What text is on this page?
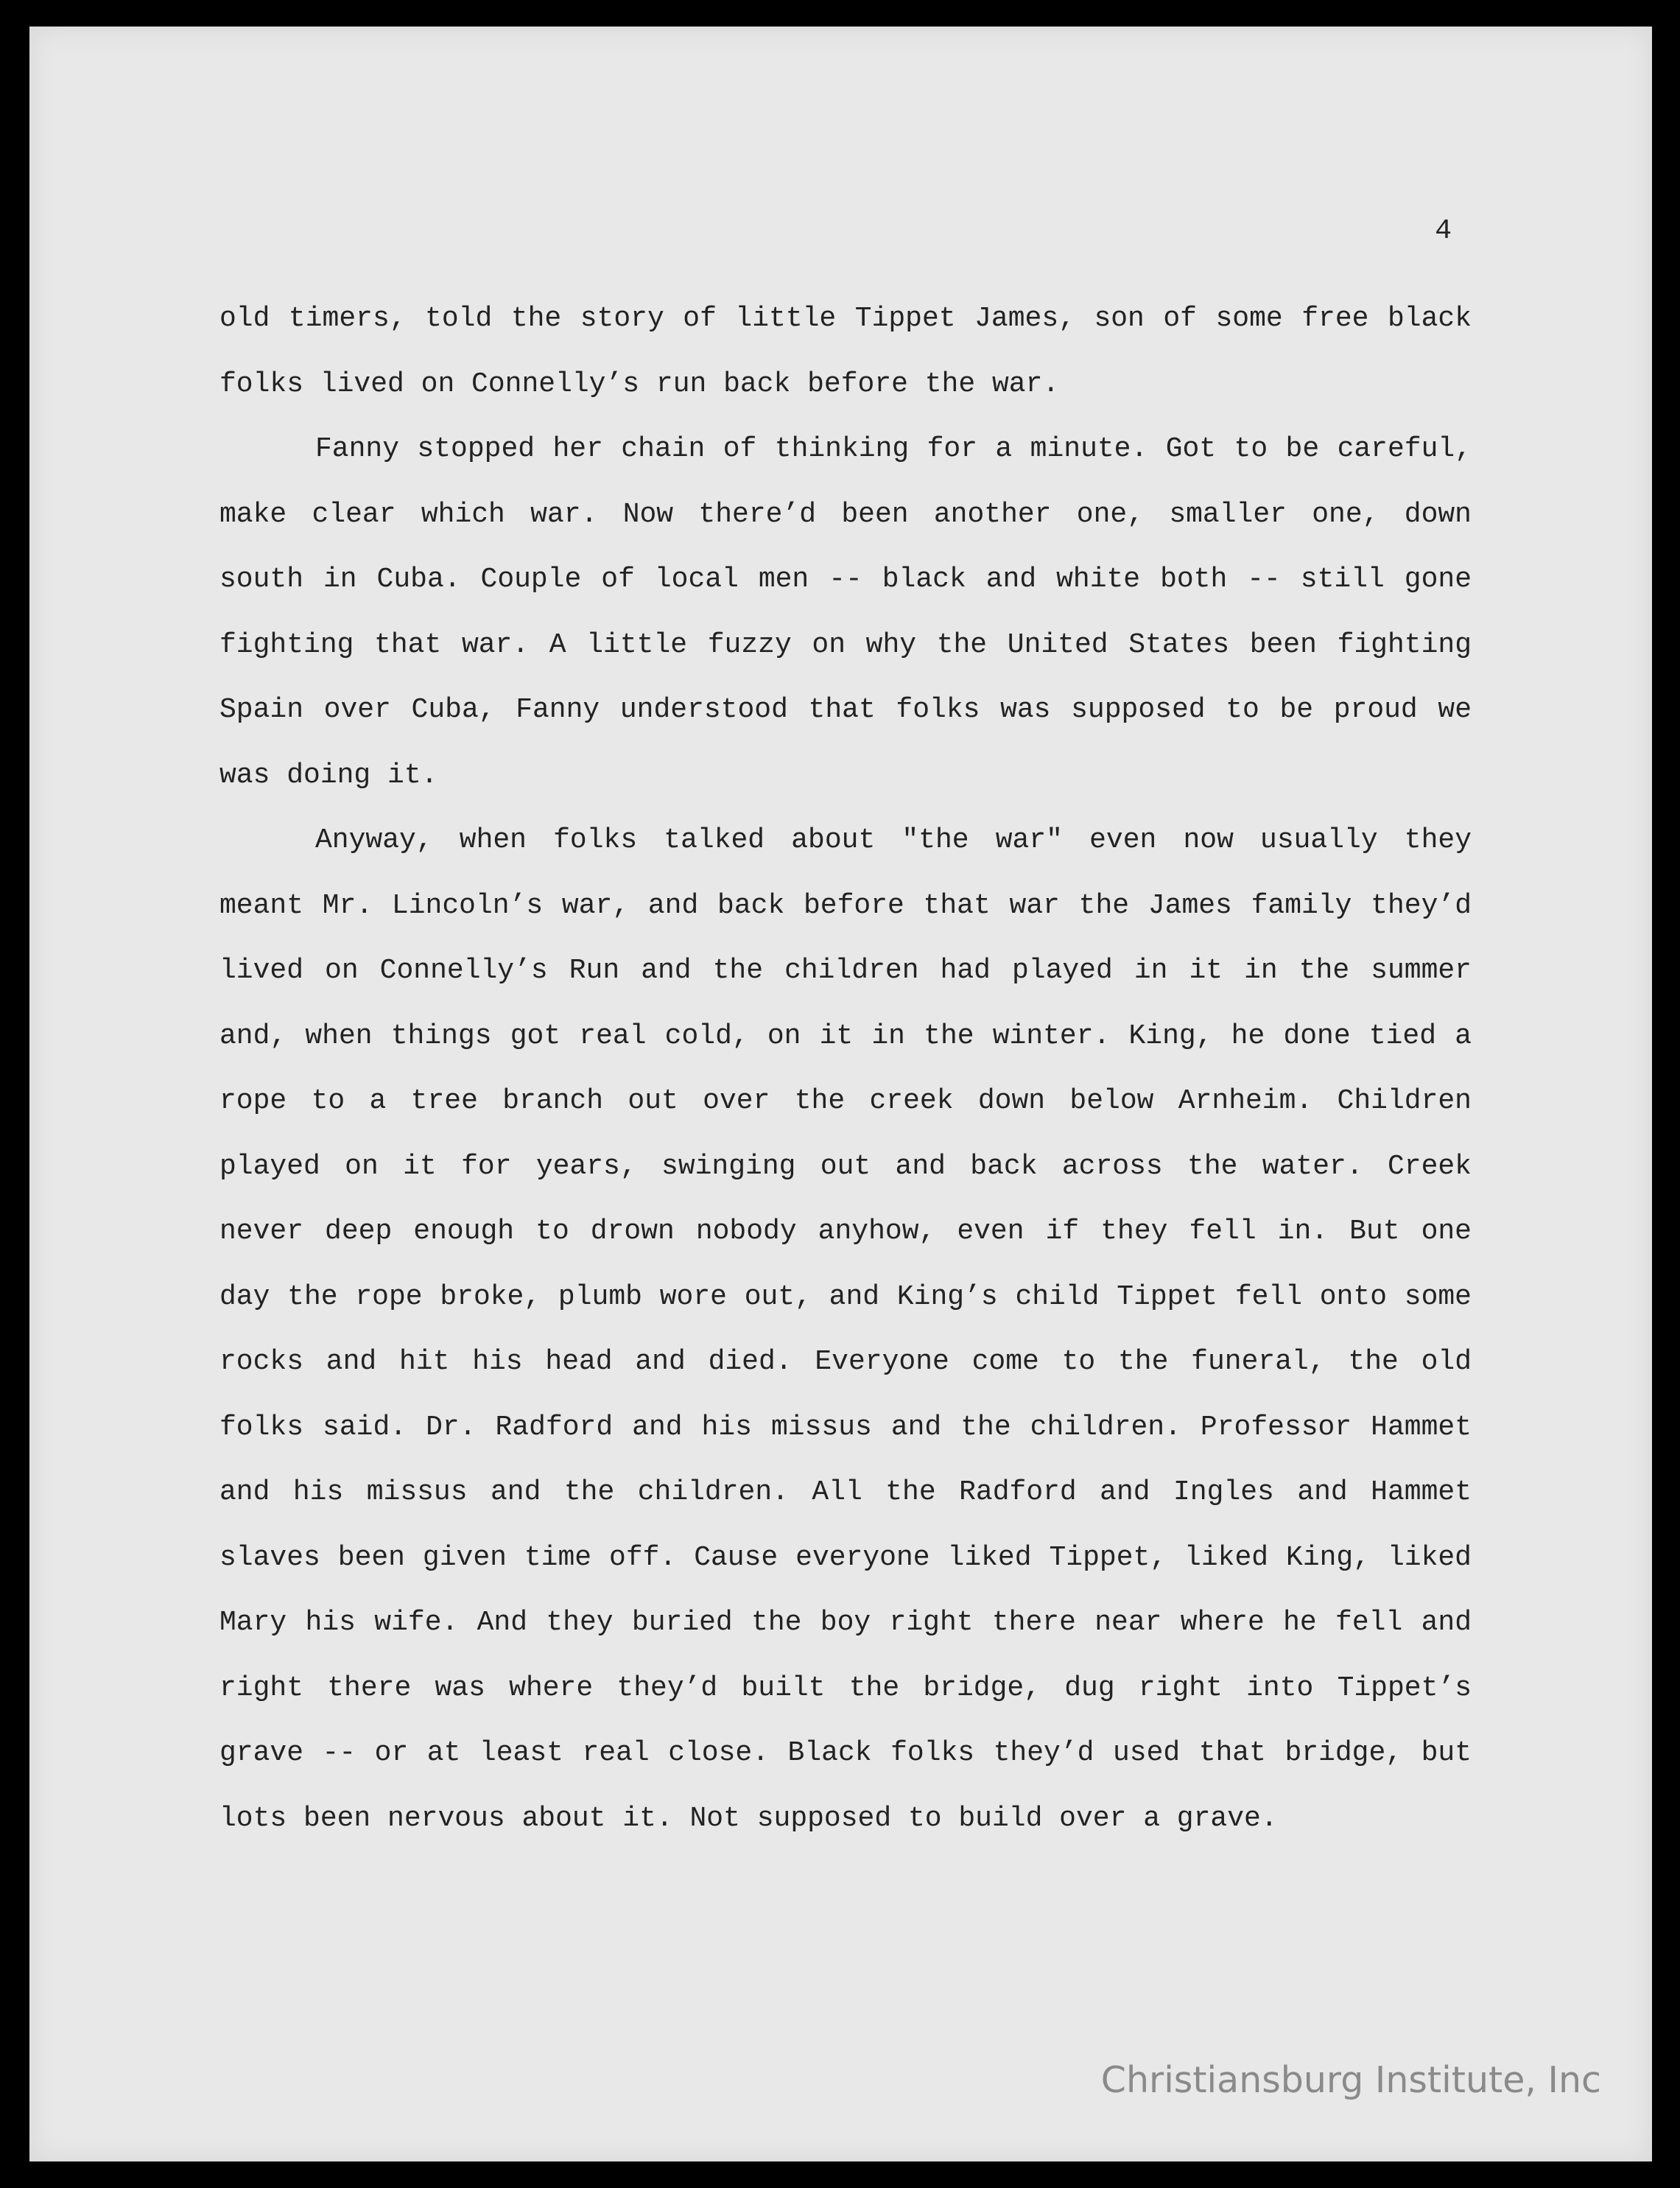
4

old timers, told the story of little Tippet James, son of some free black folks lived on Connelly’s run back before the war.

Fanny stopped her chain of thinking for a minute. Got to be careful, make clear which war. Now there’d been another one, smaller one, down south in Cuba. Couple of local men -- black and white both -- still gone fighting that war. A little fuzzy on why the United States been fighting Spain over Cuba, Fanny understood that folks was supposed to be proud we was doing it.

Anyway, when folks talked about "the war" even now usually they meant Mr. Lincoln’s war, and back before that war the James family they’d lived on Connelly’s Run and the children had played in it in the summer and, when things got real cold, on it in the winter. King, he done tied a rope to a tree branch out over the creek down below Arnheim. Children played on it for years, swinging out and back across the water. Creek never deep enough to drown nobody anyhow, even if they fell in. But one day the rope broke, plumb wore out, and King’s child Tippet fell onto some rocks and hit his head and died. Everyone come to the funeral, the old folks said. Dr. Radford and his missus and the children. Professor Hammet and his missus and the children. All the Radford and Ingles and Hammet slaves been given time off. Cause everyone liked Tippet, liked King, liked Mary his wife. And they buried the boy right there near where he fell and right there was where they’d built the bridge, dug right into Tippet’s grave -- or at least real close. Black folks they’d used that bridge, but lots been nervous about it. Not supposed to build over a grave.

Christiansburg Institute, Inc
